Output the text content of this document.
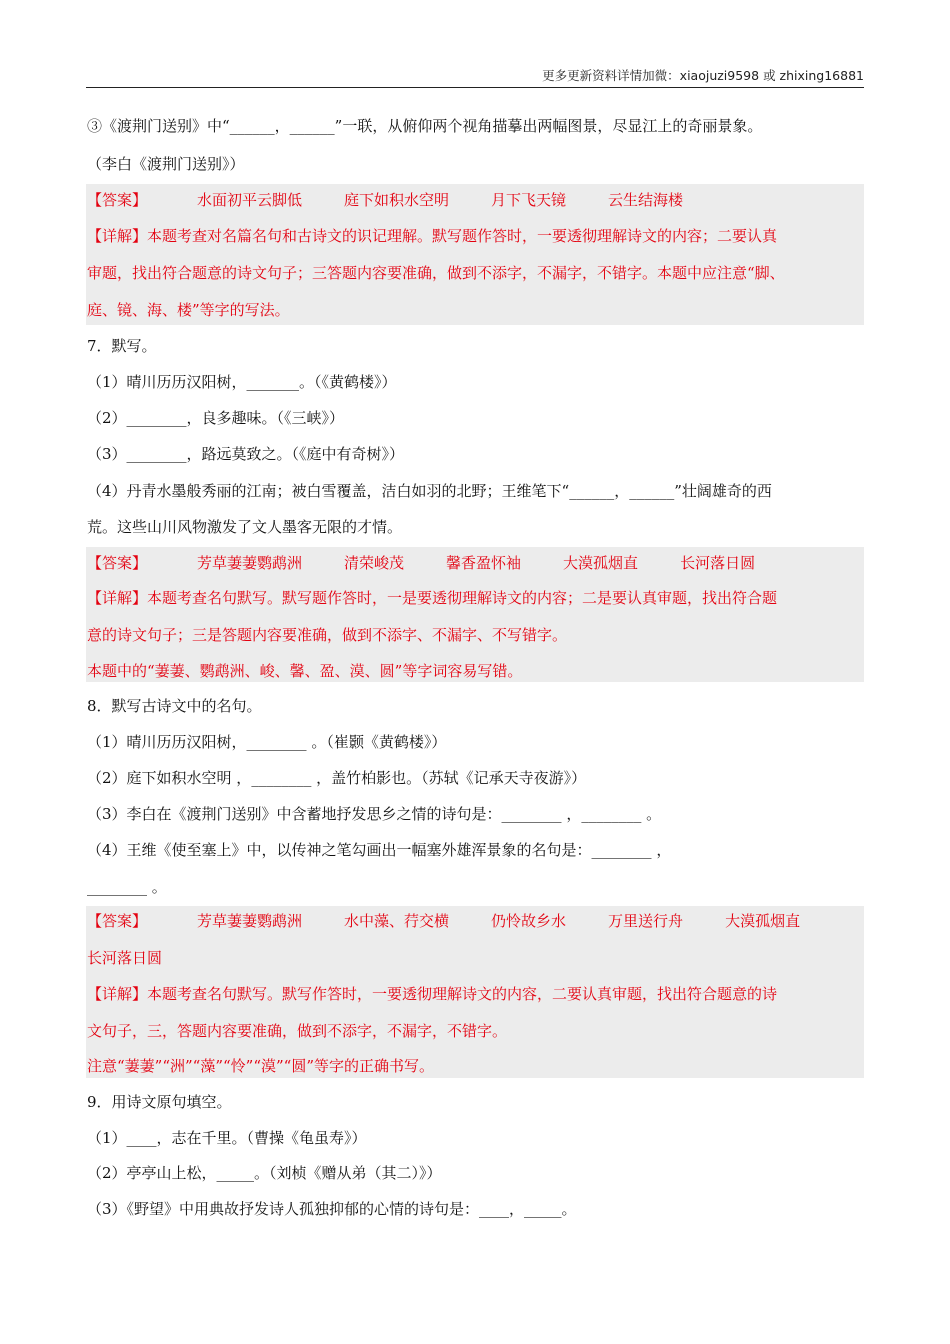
更多更新资料详情加微：xiaojuzi9598 或 zhixing16881
③《渡荆门送别》中“______，______”一联，从俯仰两个视角描摹出两幅图景，尽显江上的奇丽景象。
（李白《渡荆门送别》）
【答案】	水面初平云脚低	庭下如积水空明	月下飞天镜	云生结海楼
【详解】本题考查对名篇名句和古诗文的识记理解。默写题作答时，一要透彻理解诗文的内容；二要认真
审题，找出符合题意的诗文句子；三答题内容要准确，做到不添字，不漏字，不错字。本题中应注意“脚、
庭、镜、海、楼”等字的写法。
7．默写。
（1）晴川历历汉阳树，_______。（《黄鹤楼》）
（2）________，良多趣味。（《三峡》）
（3）________，路远莫致之。（《庭中有奇树》）
（4）丹青水墨般秀丽的江南；被白雪覆盖，洁白如羽的北野；王维笔下“______，______”壮阔雄奇的西
荒。这些山川风物激发了文人墨客无限的才情。
【答案】	芳草萋萋鹦鹉洲	清荣峻茂	馨香盈怀袖	大漠孤烟直	长河落日圆
【详解】本题考查名句默写。默写题作答时，一是要透彻理解诗文的内容；二是要认真审题，找出符合题
意的诗文句子；三是答题内容要准确，做到不添字、不漏字、不写错字。
本题中的“萋萋、鹦鹉洲、峻、馨、盈、漠、圆”等字词容易写错。
8．默写古诗文中的名句。
（1）晴川历历汉阳树，________ 。（崔颢《黄鹤楼》）
（2）庭下如积水空明 ，________ ，盖竹柏影也。（苏轼《记承天寺夜游》）
（3）李白在《渡荆门送别》中含蓄地抒发思乡之情的诗句是：________ ，________ 。
（4）王维《使至塞上》中，以传神之笔勾画出一幅塞外雄浑景象的名句是：________ ，
________ 。
【答案】	芳草萋萋鹦鹉洲	水中藻、荇交横	仍怜故乡水	万里送行舟	大漠孤烟直
长河落日圆
【详解】本题考查名句默写。默写作答时，一要透彻理解诗文的内容，二要认真审题，找出符合题意的诗
文句子，三，答题内容要准确，做到不添字，不漏字，不错字。
注意“萋萋”“洲”“藻”“怜”“漠”“圆”等字的正确书写。
9．用诗文原句填空。
（1）____，志在千里。（曹操《龟虽寿》）
（2）亭亭山上松，_____。（刘桢《赠从弟（其二）》）
（3）《野望》中用典故抒发诗人孤独抑郁的心情的诗句是：____，_____。
